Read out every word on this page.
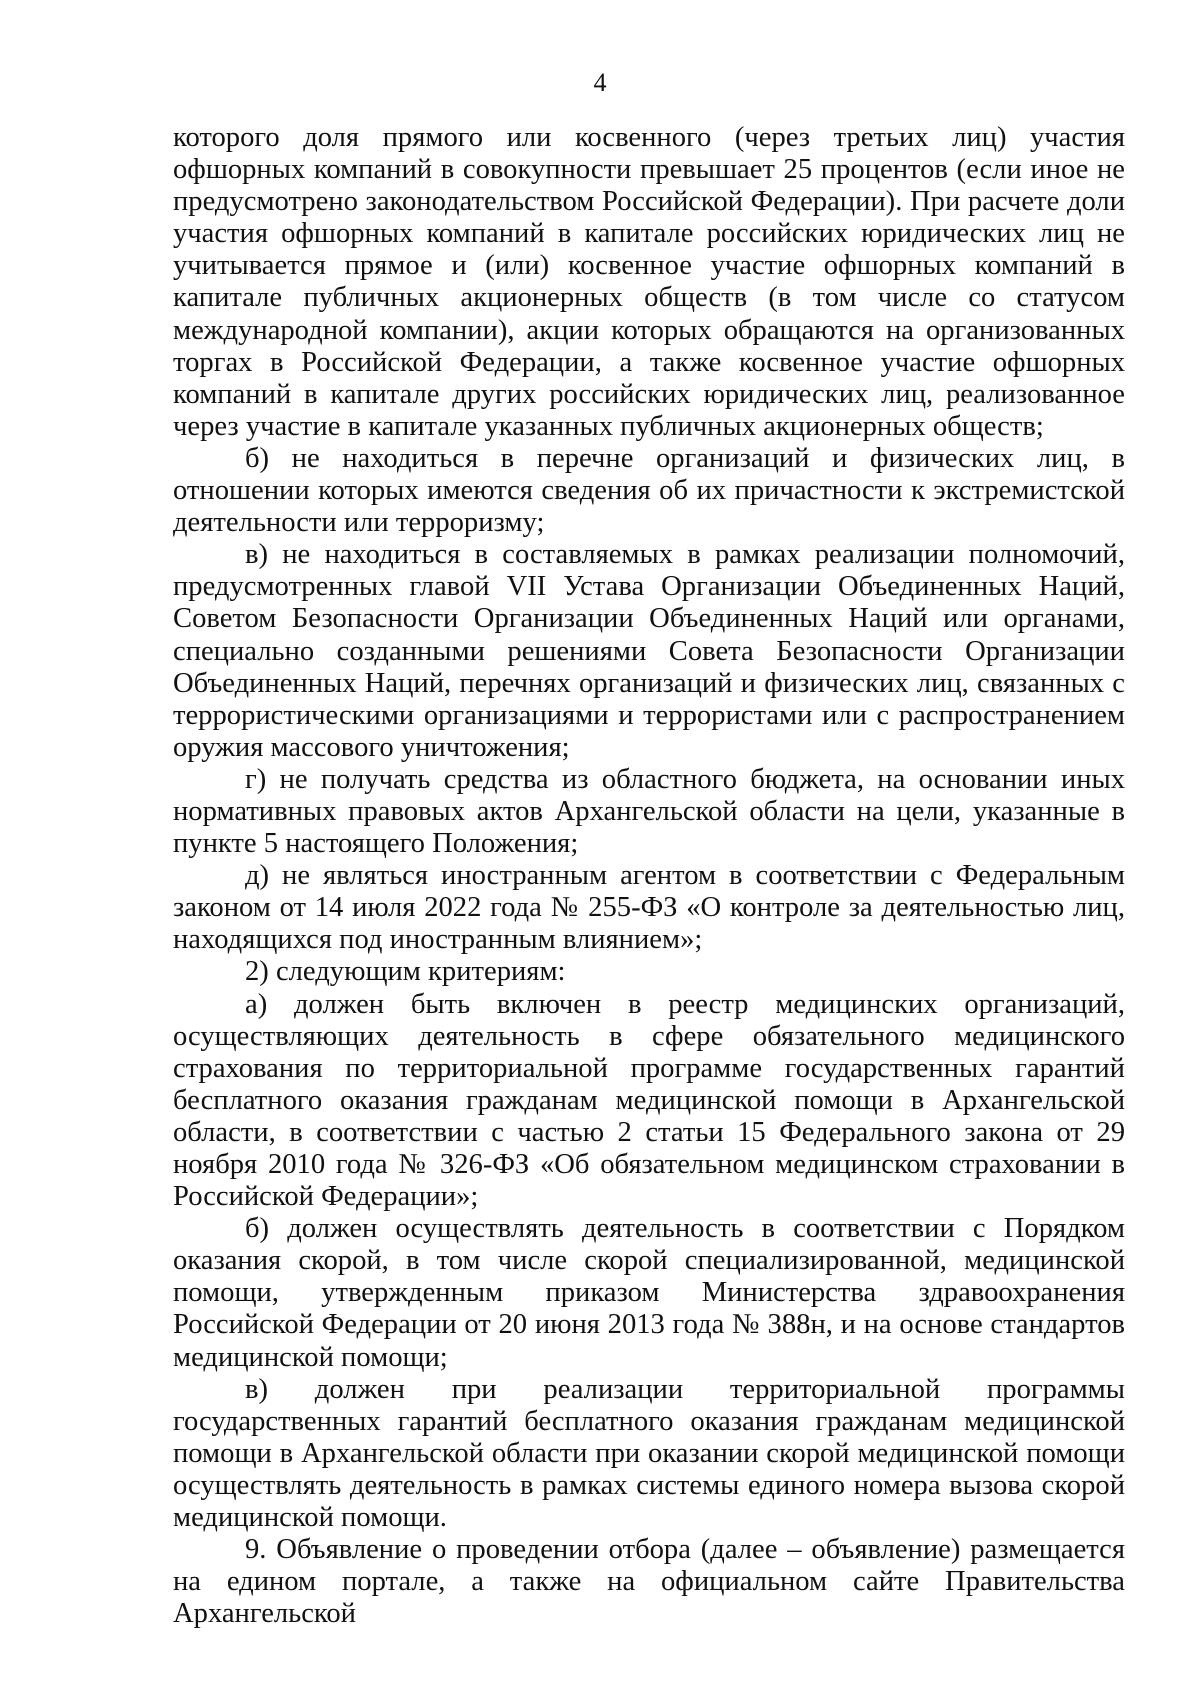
4

которого доля прямого или косвенного (через третьих лиц) участия офшорных компаний в совокупности превышает 25 процентов (если иное не предусмотрено законодательством Российской Федерации). При расчете доли участия офшорных компаний в капитале российских юридических лиц не учитывается прямое и (или) косвенное участие офшорных компаний в капитале публичных акционерных обществ (в том числе со статусом международной компании), акции которых обращаются на организованных торгах в Российской Федерации, а также косвенное участие офшорных компаний в капитале других российских юридических лиц, реализованное через участие в капитале указанных публичных акционерных обществ;

б) не находиться в перечне организаций и физических лиц, в отношении которых имеются сведения об их причастности к экстремистской деятельности или терроризму;

в) не находиться в составляемых в рамках реализации полномочий, предусмотренных главой VII Устава Организации Объединенных Наций, Советом Безопасности Организации Объединенных Наций или органами, специально созданными решениями Совета Безопасности Организации Объединенных Наций, перечнях организаций и физических лиц, связанных с террористическими организациями и террористами или с распространением оружия массового уничтожения;

г) не получать средства из областного бюджета, на основании иных нормативных правовых актов Архангельской области на цели, указанные в пункте 5 настоящего Положения;

д) не являться иностранным агентом в соответствии с Федеральным законом от 14 июля 2022 года № 255-ФЗ «О контроле за деятельностью лиц, находящихся под иностранным влиянием»;

2) следующим критериям:

а) должен быть включен в реестр медицинских организаций, осуществляющих деятельность в сфере обязательного медицинского страхования по территориальной программе государственных гарантий бесплатного оказания гражданам медицинской помощи в Архангельской области, в соответствии с частью 2 статьи 15 Федерального закона от 29 ноября 2010 года № 326-ФЗ «Об обязательном медицинском страховании в Российской Федерации»;

б) должен осуществлять деятельность в соответствии с Порядком оказания скорой, в том числе скорой специализированной, медицинской помощи, утвержденным приказом Министерства здравоохранения Российской Федерации от 20 июня 2013 года № 388н, и на основе стандартов медицинской помощи;

в) должен при реализации территориальной программы государственных гарантий бесплатного оказания гражданам медицинской помощи в Архангельской области при оказании скорой медицинской помощи осуществлять деятельность в рамках системы единого номера вызова скорой медицинской помощи.

9. Объявление о проведении отбора (далее – объявление) размещается на едином портале, а также на официальном сайте Правительства Архангельской
